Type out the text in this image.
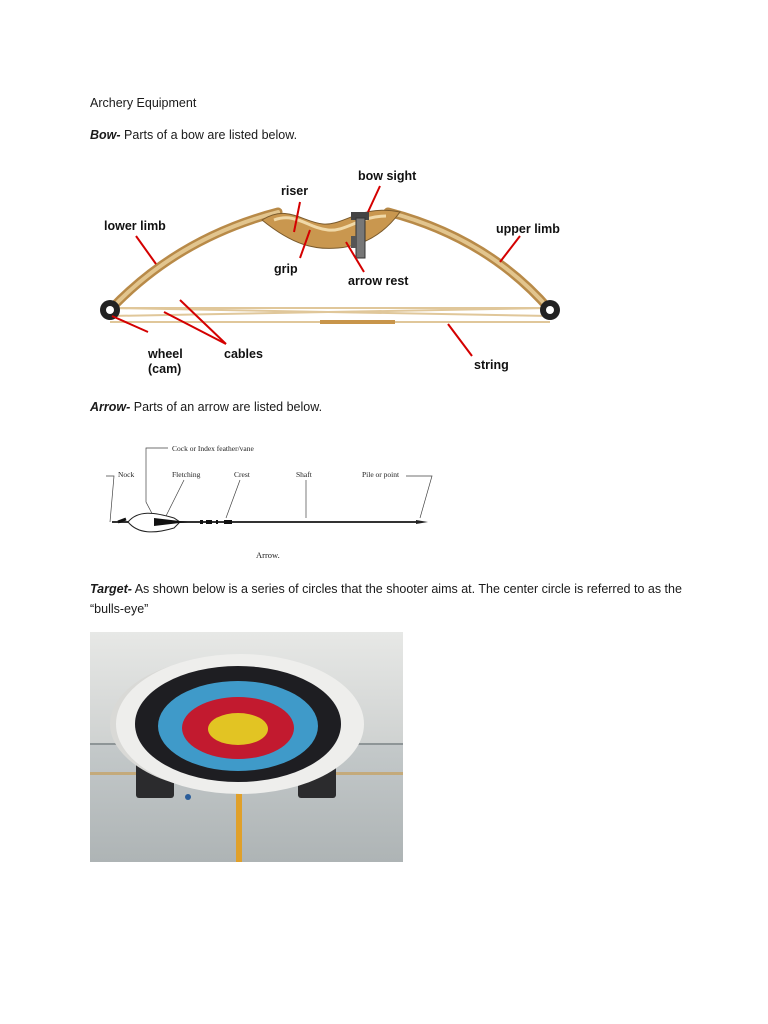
Archery Equipment

Bow- Parts of a bow are listed below.

bow sight
riser
lower limb	upper limb
grip
arrow rest
wheel
(cam)
cables
string

Arrow- Parts of an arrow are listed below.

Cock or Index feather/vane
Nock	Fletching	Crest	Shaft	Pile or point
Arrow.

Target- As shown below is a series of circles that the shooter aims at. The center circle is referred to as the “bulls-eye”
